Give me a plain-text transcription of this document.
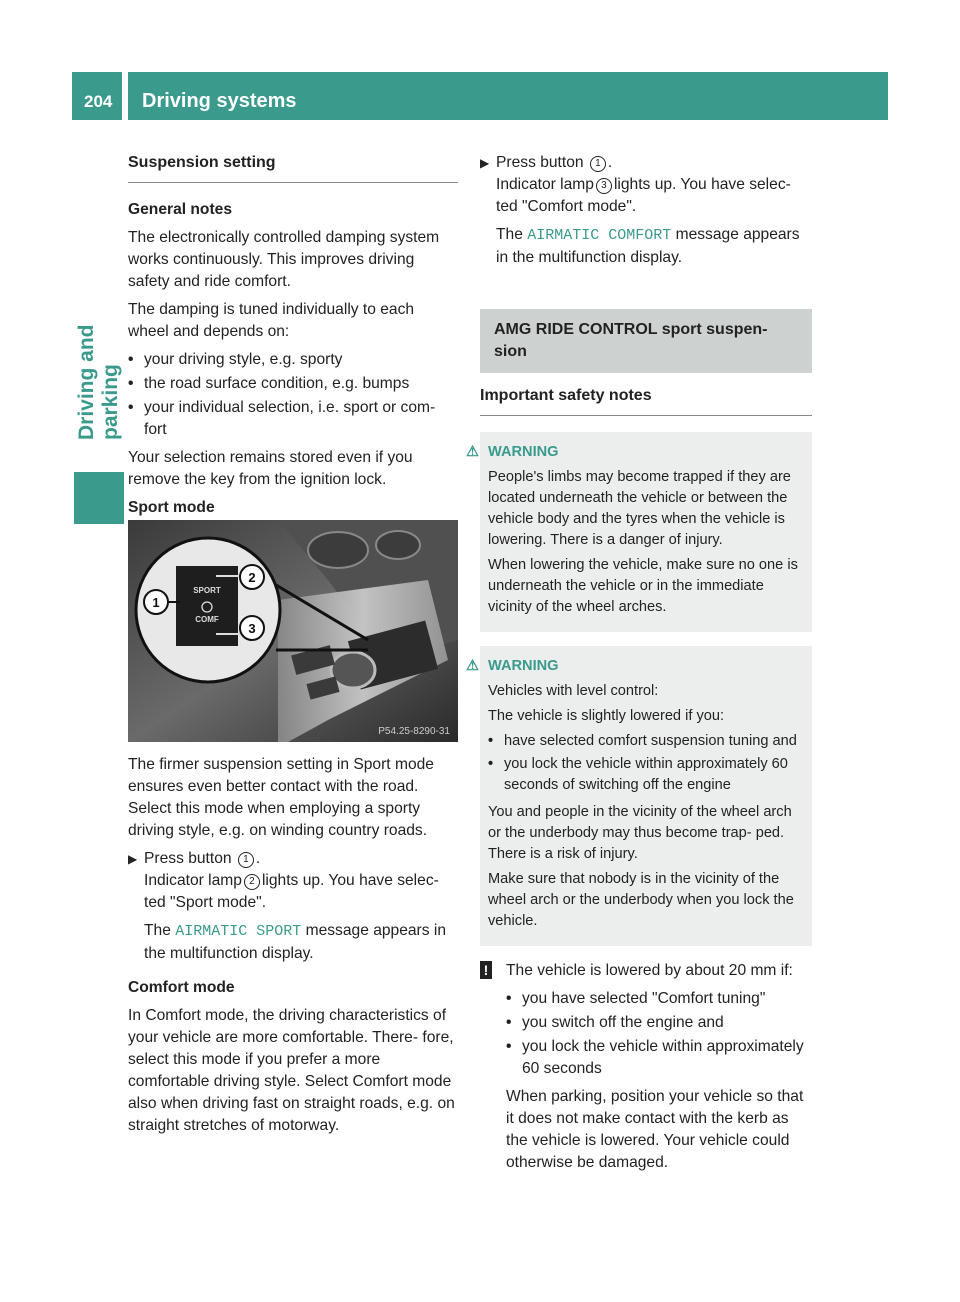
204 Driving systems
Driving and parking
Suspension setting

General notes

The electronically controlled damping system works continuously. This improves driving safety and ride comfort.

The damping is tuned individually to each wheel and depends on:

• your driving style, e.g. sporty
• the road surface condition, e.g. bumps
• your individual selection, i.e. sport or com- fort

Your selection remains stored even if you remove the key from the ignition lock.

Sport mode

SPORT
COMF
2
3
1
P54.25-8290-31

The firmer suspension setting in Sport mode ensures even better contact with the road. Select this mode when employing a sporty driving style, e.g. on winding country roads.

▶ Press button 1 .
Indicator lamp 2 lights up. You have selec- ted "Sport mode".

The AIRMATIC SPORT message appears in the multifunction display.

Comfort mode

In Comfort mode, the driving characteristics of your vehicle are more comfortable. There- fore, select this mode if you prefer a more comfortable driving style. Select Comfort mode also when driving fast on straight roads, e.g. on straight stretches of motorway.

▶ Press button 1 .
Indicator lamp 3 lights up. You have selec- ted "Comfort mode".

The AIRMATIC COMFORT message appears in the multifunction display.

AMG RIDE CONTROL sport suspen- sion
Important safety notes

⚠ WARNING

People's limbs may become trapped if they are located underneath the vehicle or between the vehicle body and the tyres when the vehicle is lowering. There is a danger of injury.

When lowering the vehicle, make sure no one is underneath the vehicle or in the immediate vicinity of the wheel arches.

⚠ WARNING

Vehicles with level control:

The vehicle is slightly lowered if you:

• have selected comfort suspension tuning and
• you lock the vehicle within approximately 60 seconds of switching off the engine

You and people in the vicinity of the wheel arch or the underbody may thus become trap- ped. There is a risk of injury.

Make sure that nobody is in the vicinity of the wheel arch or the underbody when you lock the vehicle.

! The vehicle is lowered by about 20 mm if:

• you have selected "Comfort tuning"
• you switch off the engine and
• you lock the vehicle within approximately 60 seconds

When parking, position your vehicle so that it does not make contact with the kerb as the vehicle is lowered. Your vehicle could otherwise be damaged.
